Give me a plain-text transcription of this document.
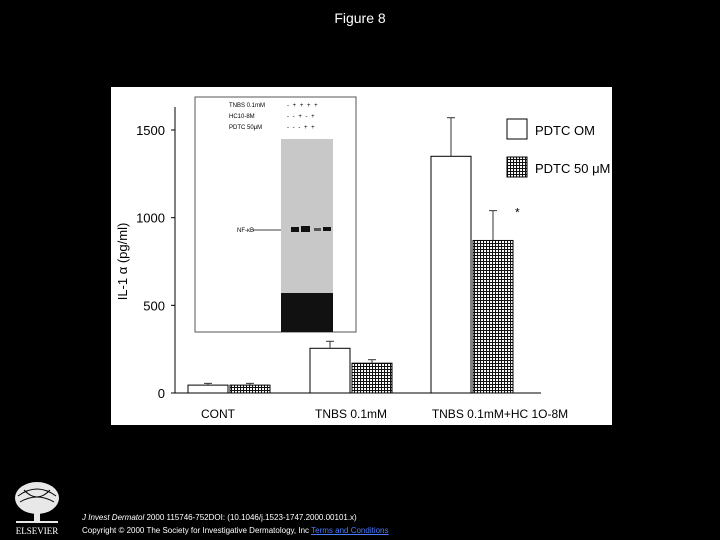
Figure 8
0
500
1000
1500
IL-1 α (pg/ml)	NF-κB
TNBS 0.1mM	- + + + +
HC10-8M	- - + - +
PDTC 50μM	- - - + +
CONT	TNBS 0.1mM	TNBS 0.1mM+HC 1O-8M
*
PDTC OM
PDTC 50 μM
ELSEVIER
J Invest Dermatol 2000 115746-752DOI: (10.1046/j.1523-1747.2000.00101.x)
Copyright © 2000 The Society for Investigative Dermatology, Inc Terms and Conditions
